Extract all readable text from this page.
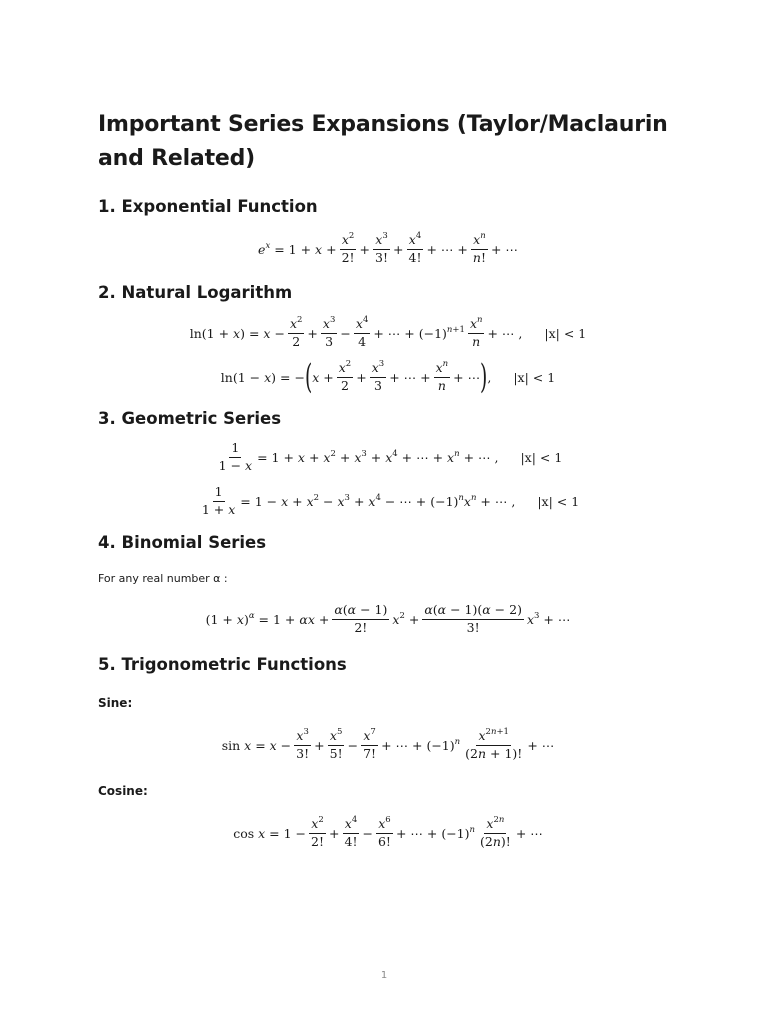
Important Series Expansions (Taylor/Maclaurin and Related)
1. Exponential Function
$e^x = 1 + x + \frac{x^2}{2!} + \frac{x^3}{3!} + \frac{x^4}{4!}$ + ⋯ + $\frac{x^n}{n!}$ + ⋯
2. Natural Logarithm
$\ln(1 + x) = x - \frac{x^2}{2} + \frac{x^3}{3} - \frac{x^4}{4}$ + ⋯ + $(-1)^{n+1} \frac{x^n}{n}$ + ⋯ , |x| < 1
ln(1 − x) = − ( $x + \frac{x^2}{2} + \frac{x^3}{3}$ + ⋯ + $\frac{x^n}{n}$ + ⋯ ) , |x| < 1
3. Geometric Series
$\frac{1}{1 - x} = 1 + x + x^2 + x^3 + x^4$ + ⋯ + $x^n$ + ⋯ , |x| < 1
$\frac{1}{1 + x} = 1 - x + x^2 - x^3 + x^4$ − ⋯ + $(-1)^nx^n$ + ⋯ , |x| < 1
4. Binomial Series

For any real number α :

$(1 + x)^\alpha = 1 + \alpha x + \frac{\alpha(\alpha - 1)}{2!} x^2 + \frac{\alpha(\alpha - 1)(\alpha - 2)}{3!} x^3$ + ⋯
5. Trigonometric Functions
Sine:
$\sin x = x - \frac{x^3}{3!} + \frac{x^5}{5!} - \frac{x^7}{7!}$ + ⋯ + $(-1)^n \frac{x^{2n+1}}{(2n + 1)!}$ + ⋯
Cosine:
$\cos x = 1 - \frac{x^2}{2!} + \frac{x^4}{4!} - \frac{x^6}{6!}$ + ⋯ + $(-1)^n \frac{x^{2n}}{(2n)!}$ + ⋯
1
